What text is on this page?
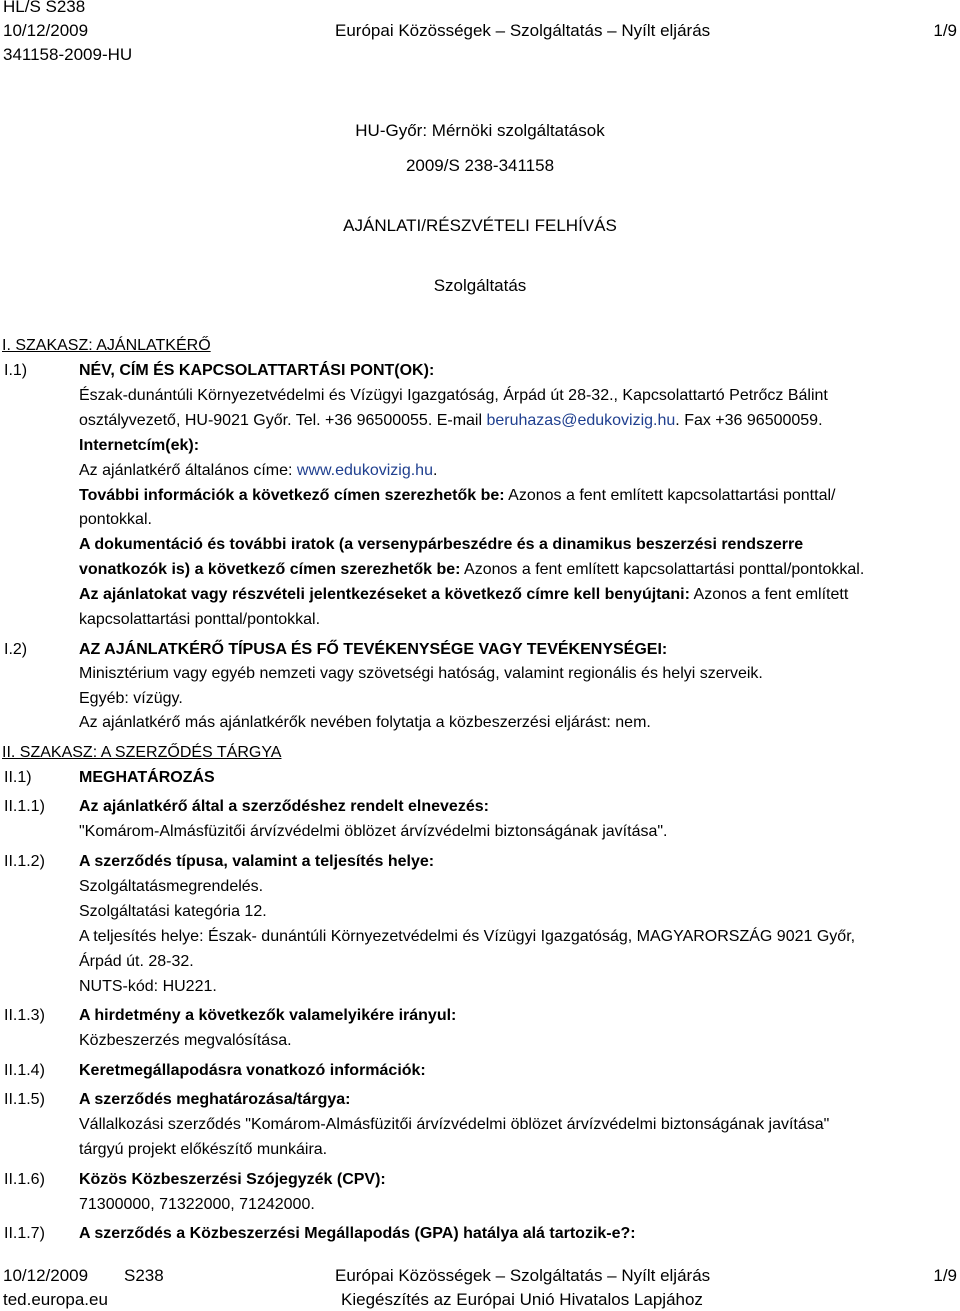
HL/S S238
10/12/2009
341158-2009-HU
Európai Közösségek – Szolgáltatás – Nyílt eljárás	1/9
HU-Győr: Mérnöki szolgáltatások
2009/S 238-341158
AJÁNLATI/RÉSZVÉTELI FELHÍVÁS
Szolgáltatás
I. SZAKASZ: AJÁNLATKÉRŐ
I.1)	NÉV, CÍM ÉS KAPCSOLATTARTÁSI PONT(OK):
Észak-dunántúli Környezetvédelmi és Vízügyi Igazgatóság, Árpád út 28-32., Kapcsolattartó Petrőcz Bálint
osztályvezető, HU-9021 Győr. Tel. +36 96500055. E-mail beruhazas@edukovizig.hu. Fax +36 96500059.
Internetcím(ek):
Az ajánlatkérő általános címe: www.edukovizig.hu.
További információk a következő címen szerezhetők be: Azonos a fent említett kapcsolattartási ponttal/
pontokkal.
A dokumentáció és további iratok (a versenypárbeszédre és a dinamikus beszerzési rendszerre
vonatkozók is) a következő címen szerezhetők be: Azonos a fent említett kapcsolattartási ponttal/pontokkal.
Az ajánlatokat vagy részvételi jelentkezéseket a következő címre kell benyújtani: Azonos a fent említett
kapcsolattartási ponttal/pontokkal.
I.2)	AZ AJÁNLATKÉRŐ TÍPUSA ÉS FŐ TEVÉKENYSÉGE VAGY TEVÉKENYSÉGEI:
Minisztérium vagy egyéb nemzeti vagy szövetségi hatóság, valamint regionális és helyi szerveik.
Egyéb: vízügy.
Az ajánlatkérő más ajánlatkérők nevében folytatja a közbeszerzési eljárást: nem.
II. SZAKASZ: A SZERZŐDÉS TÁRGYA
II.1)	MEGHATÁROZÁS
II.1.1) Az ajánlatkérő által a szerződéshez rendelt elnevezés:
"Komárom-Almásfüzitői árvízvédelmi öblözet árvízvédelmi biztonságának javítása".
II.1.2) A szerződés típusa, valamint a teljesítés helye:
Szolgáltatásmegrendelés.
Szolgáltatási kategória 12.
A teljesítés helye: Észak- dunántúli Környezetvédelmi és Vízügyi Igazgatóság, MAGYARORSZÁG 9021 Győr,
Árpád út. 28-32.
NUTS-kód: HU221.
II.1.3) A hirdetmény a következők valamelyikére irányul:
Közbeszerzés megvalósítása.
II.1.4) Keretmegállapodásra vonatkozó információk:
II.1.5) A szerződés meghatározása/tárgya:
Vállalkozási szerződés "Komárom-Almásfüzitői árvízvédelmi öblözet árvízvédelmi biztonságának javítása"
tárgyú projekt előkészítő munkáira.
II.1.6) Közös Közbeszerzési Szójegyzék (CPV):
71300000, 71322000, 71242000.
II.1.7) A szerződés a Közbeszerzési Megállapodás (GPA) hatálya alá tartozik-e?:
10/12/2009 S238
ted.europa.eu
Európai Közösségek – Szolgáltatás – Nyílt eljárás
Kiegészítés az Európai Unió Hivatalos Lapjához
1/9
